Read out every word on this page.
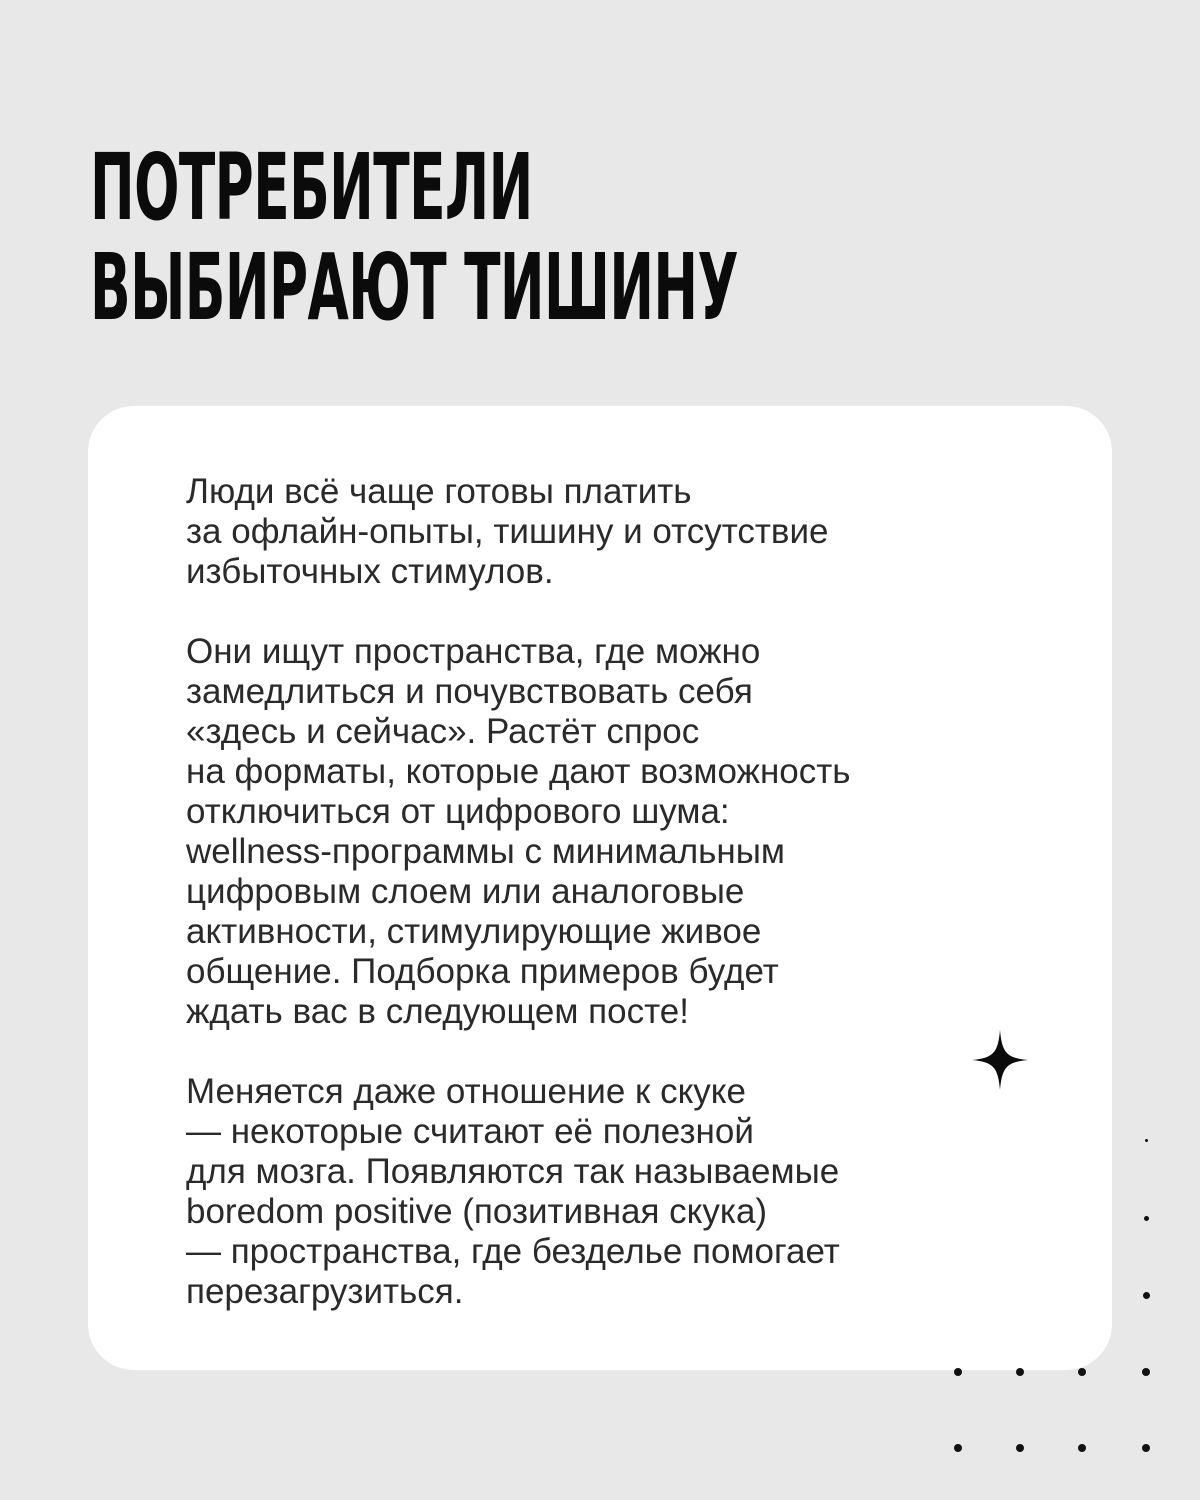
ПОТРЕБИТЕЛИ
ВЫБИРАЮТ ТИШИНУ

Люди всё чаще готовы платить
за офлайн-опыты, тишину и отсутствие
избыточных стимулов.

Они ищут пространства, где можно
замедлиться и почувствовать себя
«здесь и сейчас». Растёт спрос
на форматы, которые дают возможность
отключиться от цифрового шума:
wellness-программы с минимальным
цифровым слоем или аналоговые
активности, стимулирующие живое
общение. Подборка примеров будет
ждать вас в следующем посте!

Меняется даже отношение к скуке
— некоторые считают её полезной
для мозга. Появляются так называемые
boredom positive (позитивная скука)
— пространства, где безделье помогает
перезагрузиться.
